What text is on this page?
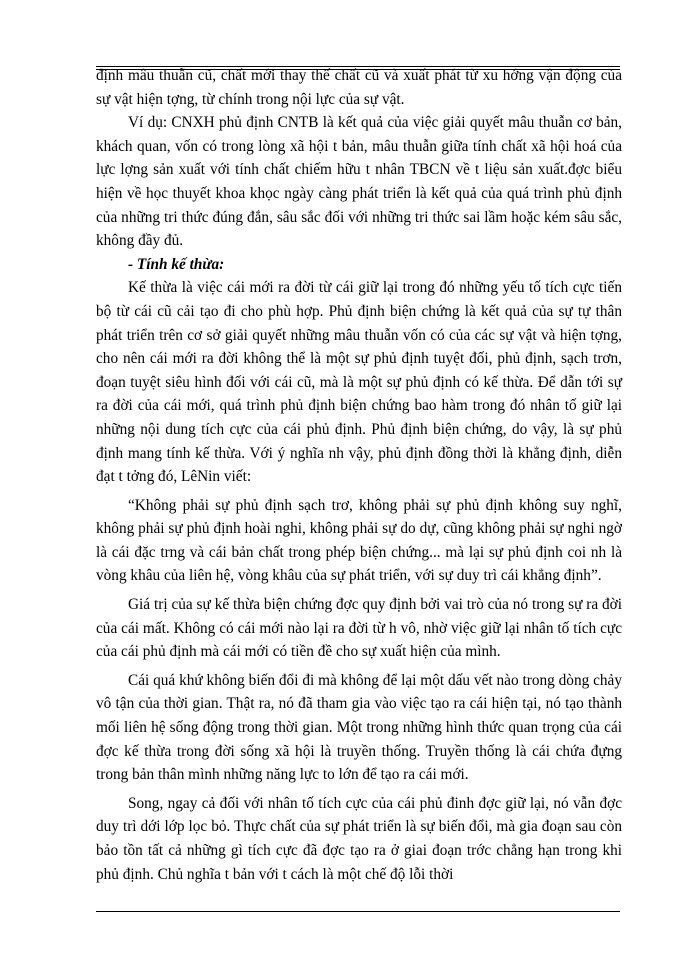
định mâu thuẫn cũ, chất mới thay thế chất cũ và xuất phát từ xu hớng vận động của sự vật hiện tợng, từ chính trong nội lực của sự vật.

Ví dụ: CNXH phủ định CNTB là kết quả của việc giải quyết mâu thuẫn cơ bản, khách quan, vốn có trong lòng xã hội t bản, mâu thuẫn giữa tính chất xã hội hoá của lực lợng sản xuất với tính chất chiếm hữu t nhân TBCN về t liệu sản xuất.đợc biểu hiện về học thuyết khoa khọc ngày càng phát triển là kết quả của quá trình phủ định của những tri thức đúng đắn, sâu sắc đối với những tri thức sai lầm hoặc kém sâu sắc, không đầy đủ.

- Tính kế thừa:

Kế thừa là việc cái mới ra đời từ cái giữ lại trong đó những yếu tố tích cực tiến bộ từ cái cũ cải tạo đi cho phù hợp. Phủ định biện chứng là kết quả của sự tự thân phát triển trên cơ sở giải quyết những mâu thuẫn vốn có của các sự vật và hiện tợng, cho nên cái mới ra đời không thể là một sự phủ định tuyệt đối, phủ định, sạch trơn, đoạn tuyệt siêu hình đối với cái cũ, mà là một sự phủ định có kế thừa. Để dẫn tới sự ra đời của cái mới, quá trình phủ định biện chứng bao hàm trong đó nhân tố giữ lại những nội dung tích cực của cái phủ định. Phủ định biện chứng, do vậy, là sự phủ định mang tính kế thừa. Với ý nghĩa nh vậy, phủ định đồng thời là khẳng định, diễn đạt t tởng đó, LêNin viết:

“Không phải sự phủ định sạch trơ, không phải sự phủ định không suy nghĩ, không phải sự phủ định hoài nghi, không phải sự do dự, cũng không phải sự nghi ngờ là cái đặc trng và cái bản chất trong phép biện chứng... mà lại sự phủ định coi nh là vòng khâu của liên hệ, vòng khâu của sự phát triển, với sự duy trì cái khẳng định”.

Giá trị của sự kế thừa biện chứng đợc quy định bởi vai trò của nó trong sự ra đời của cái mất. Không có cái mới nào lại ra đời từ h vô, nhờ việc giữ lại nhân tố tích cực của cái phủ định mà cái mới có tiền đề cho sự xuất hiện của mình.

Cái quá khứ không biến đổi đi mà không để lại một dấu vết nào trong dòng chảy vô tận của thời gian. Thật ra, nó đã tham gia vào việc tạo ra cái hiện tại, nó tạo thành mối liên hệ sống động trong thời gian. Một trong những hình thức quan trọng của cái đợc kế thừa trong đời sống xã hội là truyền thống. Truyền thống là cái chứa đựng trong bản thân mình những năng lực to lớn để tạo ra cái mới.

Song, ngay cả đối với nhân tố tích cực của cái phủ đinh đợc giữ lại, nó vẫn đợc duy trì dới lớp lọc bỏ. Thực chất của sự phát triển là sự biến đổi, mà gia đoạn sau còn bảo tồn tất cả những gì tích cực đã đợc tạo ra ở giai đoạn trớc chẳng hạn trong khi phủ định. Chủ nghĩa t bản với t cách là một chế độ lỗi thời
